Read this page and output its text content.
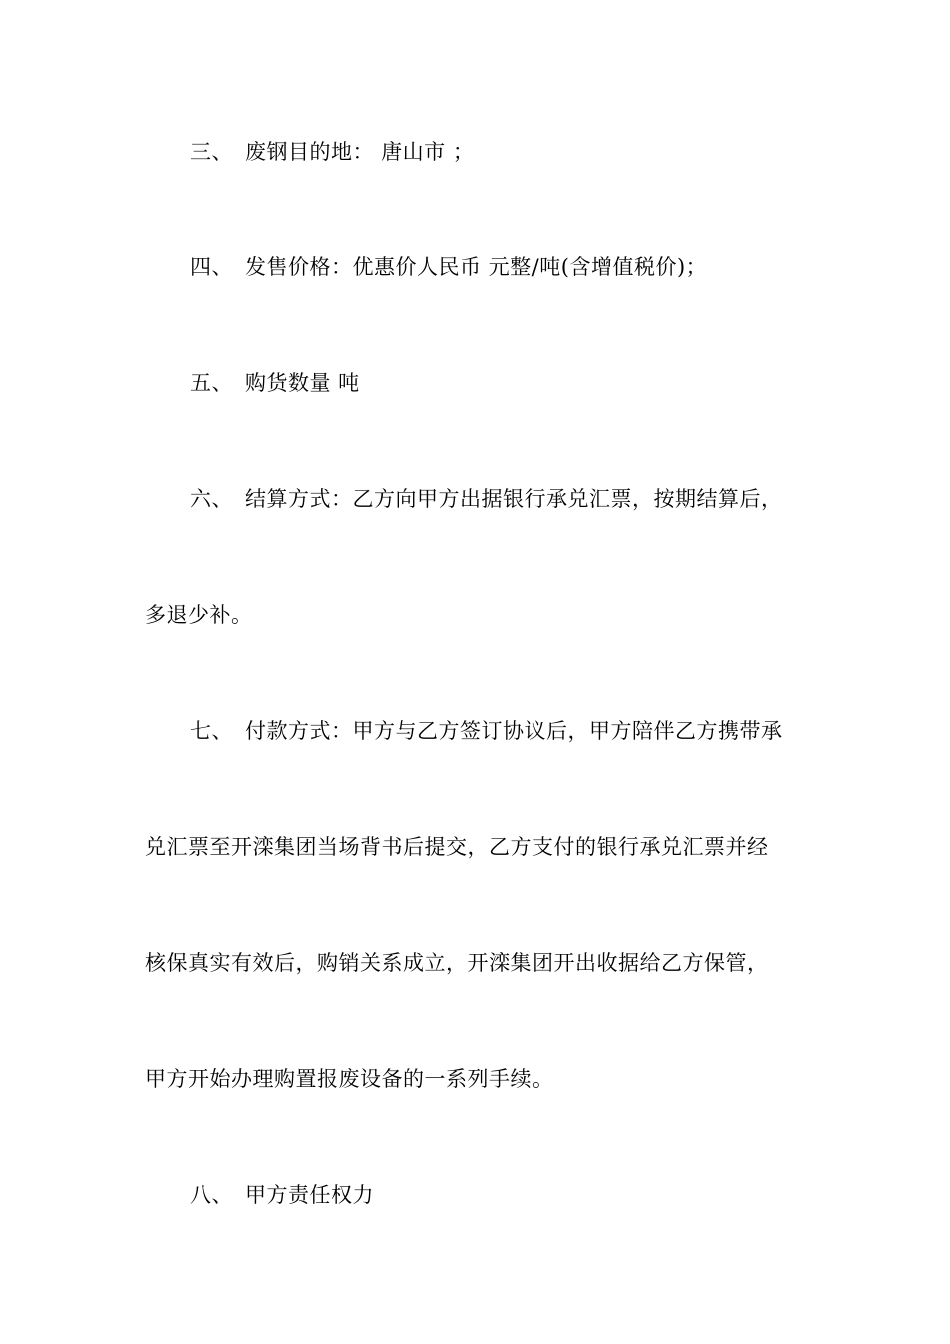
三、 废钢目的地： 唐山市 ；
四、 发售价格：优惠价人民币 元整/吨(含增值税价)；
五、 购货数量 吨
六、 结算方式：乙方向甲方出据银行承兑汇票，按期结算后，
多退少补。
七、 付款方式：甲方与乙方签订协议后，甲方陪伴乙方携带承
兑汇票至开滦集团当场背书后提交，乙方支付的银行承兑汇票并经
核保真实有效后，购销关系成立，开滦集团开出收据给乙方保管，
甲方开始办理购置报废设备的一系列手续。
八、 甲方责任权力
